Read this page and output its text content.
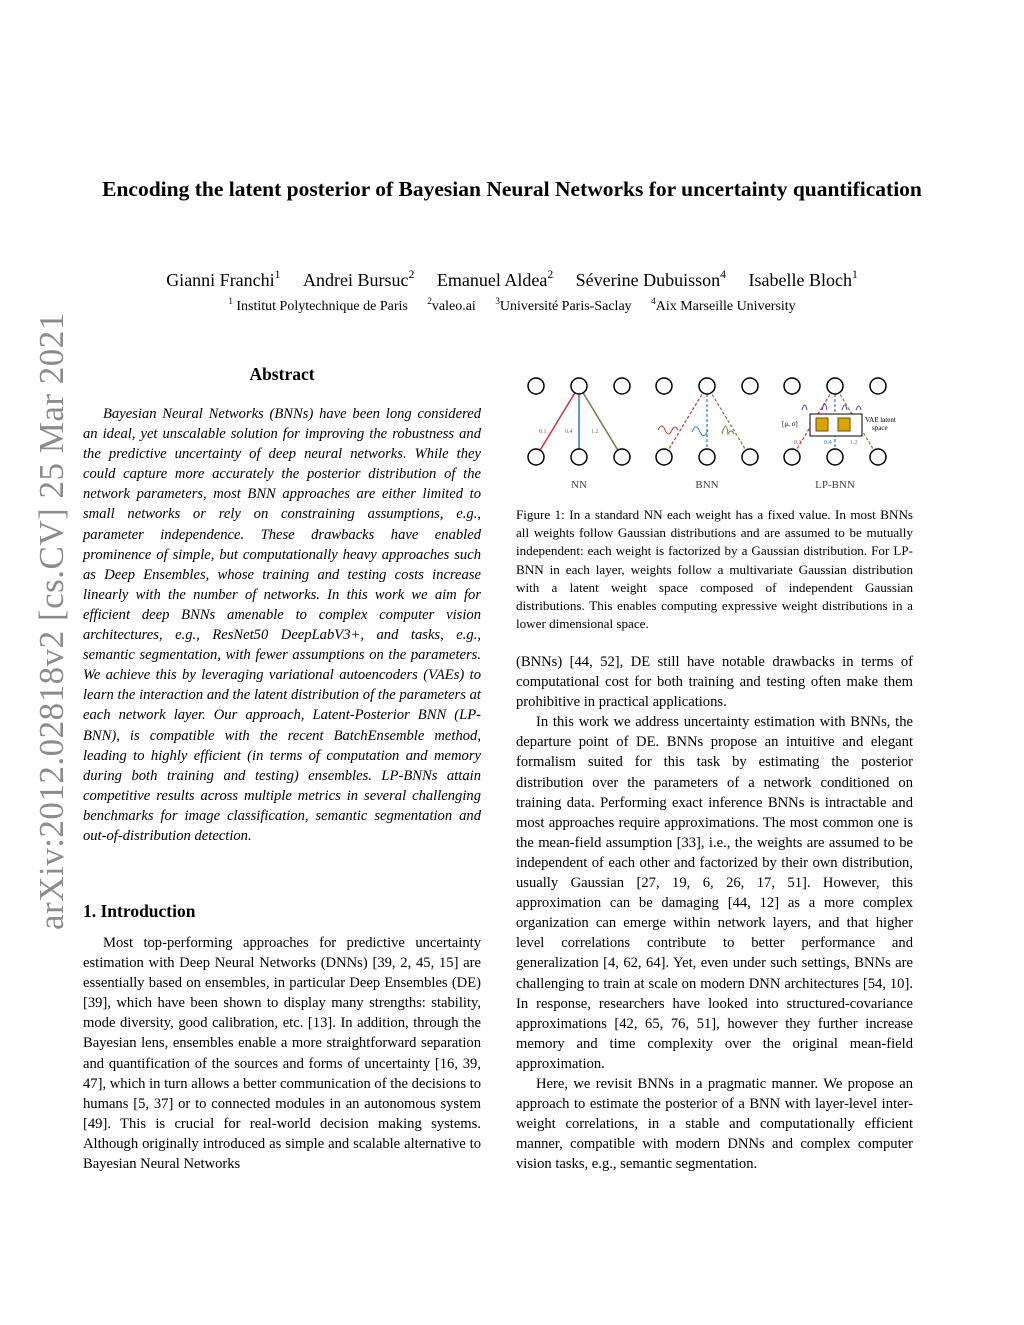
Encoding the latent posterior of Bayesian Neural Networks for uncertainty quantification
Gianni Franchi$^1$ Andrei Bursuc$^2$ Emanuel Aldea$^2$ Séverine Dubuisson$^4$ Isabelle Bloch$^1$
$^1$ Institut Polytechnique de Paris $^2$valeo.ai $^3$Université Paris-Saclay $^4$Aix Marseille University
arXiv:2012.02818v2 [cs.CV] 25 Mar 2021	Abstract
Bayesian Neural Networks (BNNs) have been long considered an ideal, yet unscalable solution for improving the robustness and the predictive uncertainty of deep neural networks. While they could capture more accurately the posterior distribution of the network parameters, most BNN approaches are either limited to small networks or rely on constraining assumptions, e.g., parameter independence. These drawbacks have enabled prominence of simple, but computationally heavy approaches such as Deep Ensembles, whose training and testing costs increase linearly with the number of networks. In this work we aim for efficient deep BNNs amenable to complex computer vision architectures, e.g., ResNet50 DeepLabV3+, and tasks, e.g., semantic segmentation, with fewer assumptions on the parameters. We achieve this by leveraging variational autoencoders (VAEs) to learn the interaction and the latent distribution of the parameters at each network layer. Our approach, Latent-Posterior BNN (LP-BNN), is compatible with the recent BatchEnsemble method, leading to highly efficient (in terms of computation and memory during both training and testing) ensembles. LP-BNNs attain competitive results across multiple metrics in several challenging benchmarks for image classification, semantic segmentation and out-of-distribution detection.
1. Introduction
Most top-performing approaches for predictive uncertainty estimation with Deep Neural Networks (DNNs) [39, 2, 45, 15] are essentially based on ensembles, in particular Deep Ensembles (DE) [39], which have been shown to display many strengths: stability, mode diversity, good calibration, etc. [13]. In addition, through the Bayesian lens, ensembles enable a more straightforward separation and quantification of the sources and forms of uncertainty [16, 39, 47], which in turn allows a better communication of the decisions to humans [5, 37] or to connected modules in an autonomous system [49]. This is crucial for real-world decision making systems. Although originally introduced as simple and scalable alternative to Bayesian Neural Networks
0.1	0.4	1.2
NN	BNN
[μ, σ]	VAE latent
space
0.1	0.4	1.2
LP-BNN
Figure 1: In a standard NN each weight has a fixed value. In most BNNs all weights follow Gaussian distributions and are assumed to be mutually independent: each weight is factorized by a Gaussian distribution. For LP-BNN in each layer, weights follow a multivariate Gaussian distribution with a latent weight space composed of independent Gaussian distributions. This enables computing expressive weight distributions in a lower dimensional space.

(BNNs) [44, 52], DE still have notable drawbacks in terms of computational cost for both training and testing often make them prohibitive in practical applications.

In this work we address uncertainty estimation with BNNs, the departure point of DE. BNNs propose an intuitive and elegant formalism suited for this task by estimating the posterior distribution over the parameters of a network conditioned on training data. Performing exact inference BNNs is intractable and most approaches require approximations. The most common one is the mean-field assumption [33], i.e., the weights are assumed to be independent of each other and factorized by their own distribution, usually Gaussian [27, 19, 6, 26, 17, 51]. However, this approximation can be damaging [44, 12] as a more complex organization can emerge within network layers, and that higher level correlations contribute to better performance and generalization [4, 62, 64]. Yet, even under such settings, BNNs are challenging to train at scale on modern DNN architectures [54, 10]. In response, researchers have looked into structured-covariance approximations [42, 65, 76, 51], however they further increase memory and time complexity over the original mean-field approximation.

Here, we revisit BNNs in a pragmatic manner. We propose an approach to estimate the posterior of a BNN with layer-level inter-weight correlations, in a stable and computationally efficient manner, compatible with modern DNNs and complex computer vision tasks, e.g., semantic segmentation.
